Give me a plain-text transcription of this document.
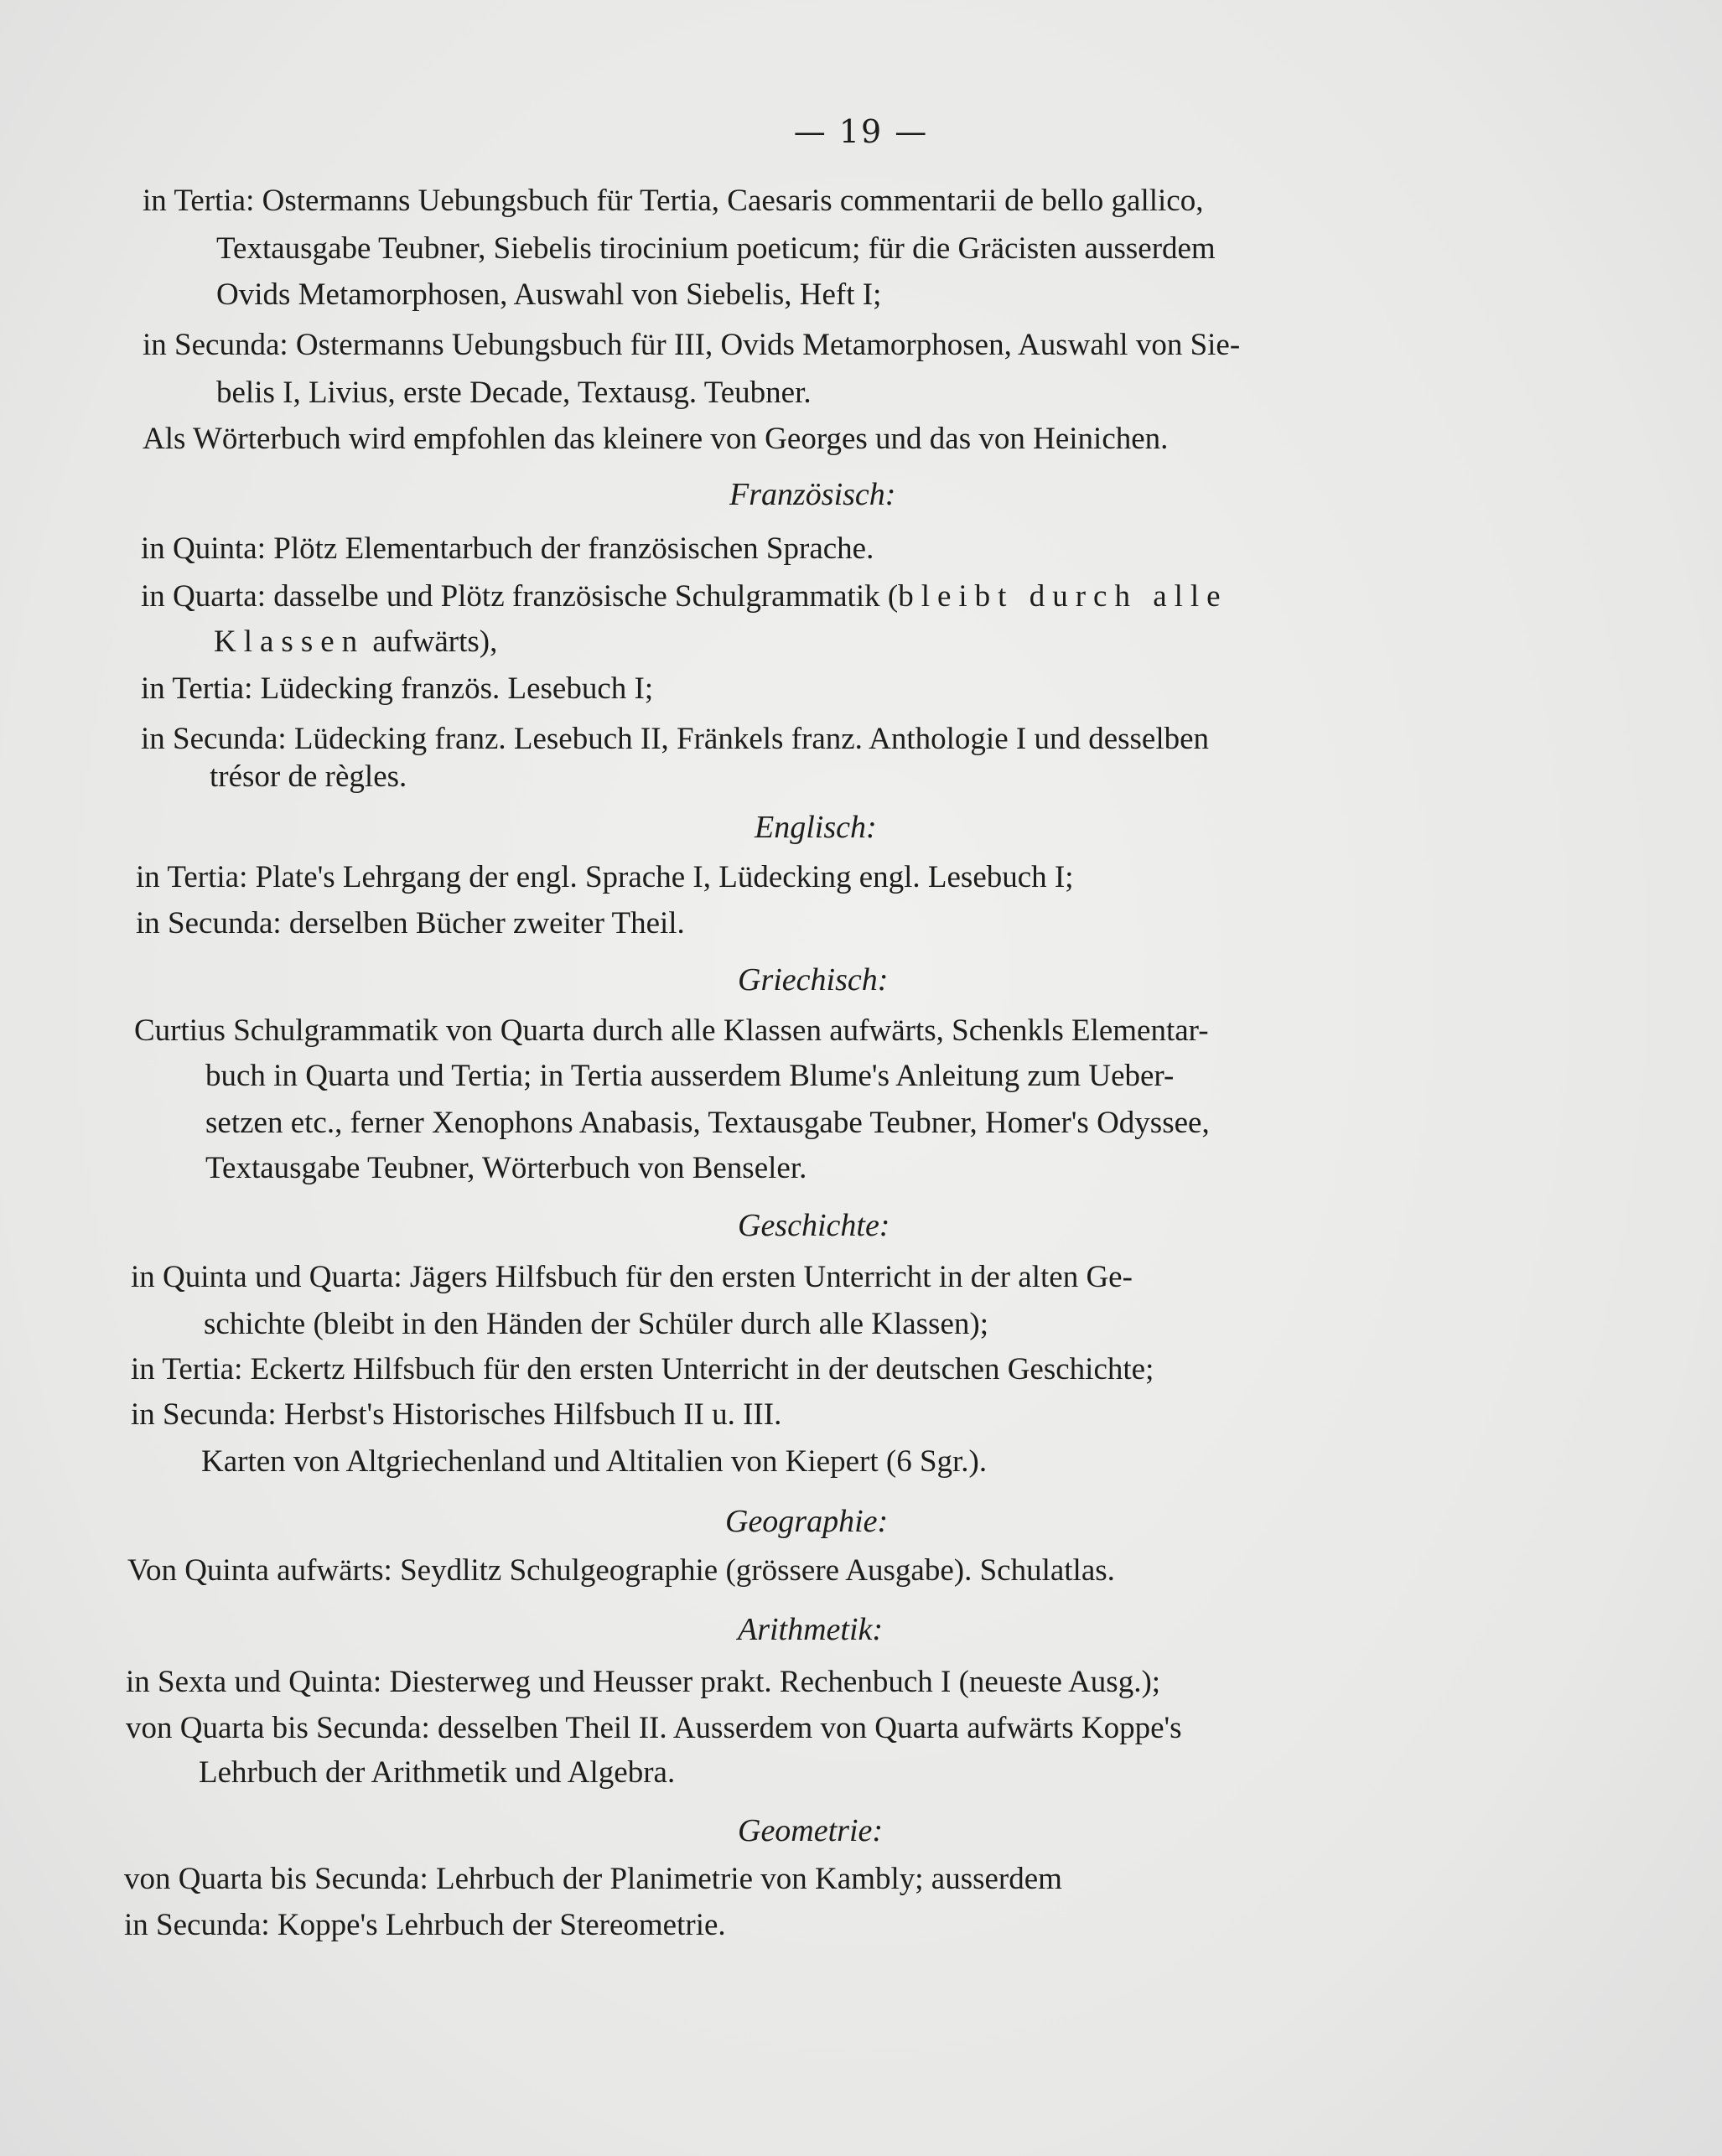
— 19 —
in Tertia: Ostermanns Uebungsbuch für Tertia, Caesaris commentarii de bello gallico,
Textausgabe Teubner, Siebelis tirocinium poeticum; für die Gräcisten ausserdem
Ovids Metamorphosen, Auswahl von Siebelis, Heft I;
in Secunda: Ostermanns Uebungsbuch für III, Ovids Metamorphosen, Auswahl von Sie-
belis I, Livius, erste Decade, Textausg. Teubner.
Als Wörterbuch wird empfohlen das kleinere von Georges und das von Heinichen.
Französisch:
in Quinta: Plötz Elementarbuch der französischen Sprache.
in Quarta: dasselbe und Plötz französische Schulgrammatik (bleibt durch alle
Klassen aufwärts),
in Tertia: Lüdecking französ. Lesebuch I;
in Secunda: Lüdecking franz. Lesebuch II, Fränkels franz. Anthologie I und desselben
trésor de règles.
Englisch:
in Tertia: Plate's Lehrgang der engl. Sprache I, Lüdecking engl. Lesebuch I;
in Secunda: derselben Bücher zweiter Theil.
Griechisch:
Curtius Schulgrammatik von Quarta durch alle Klassen aufwärts, Schenkls Elementar-
buch in Quarta und Tertia; in Tertia ausserdem Blume's Anleitung zum Ueber-
setzen etc., ferner Xenophons Anabasis, Textausgabe Teubner, Homer's Odyssee,
Textausgabe Teubner, Wörterbuch von Benseler.
Geschichte:
in Quinta und Quarta: Jägers Hilfsbuch für den ersten Unterricht in der alten Ge-
schichte (bleibt in den Händen der Schüler durch alle Klassen);
in Tertia: Eckertz Hilfsbuch für den ersten Unterricht in der deutschen Geschichte;
in Secunda: Herbst's Historisches Hilfsbuch II u. III.
Karten von Altgriechenland und Altitalien von Kiepert (6 Sgr.).
Geographie:
Von Quinta aufwärts: Seydlitz Schulgeographie (grössere Ausgabe). Schulatlas.
Arithmetik:
in Sexta und Quinta: Diesterweg und Heusser prakt. Rechenbuch I (neueste Ausg.);
von Quarta bis Secunda: desselben Theil II. Ausserdem von Quarta aufwärts Koppe's
Lehrbuch der Arithmetik und Algebra.
Geometrie:
von Quarta bis Secunda: Lehrbuch der Planimetrie von Kambly; ausserdem
in Secunda: Koppe's Lehrbuch der Stereometrie.
